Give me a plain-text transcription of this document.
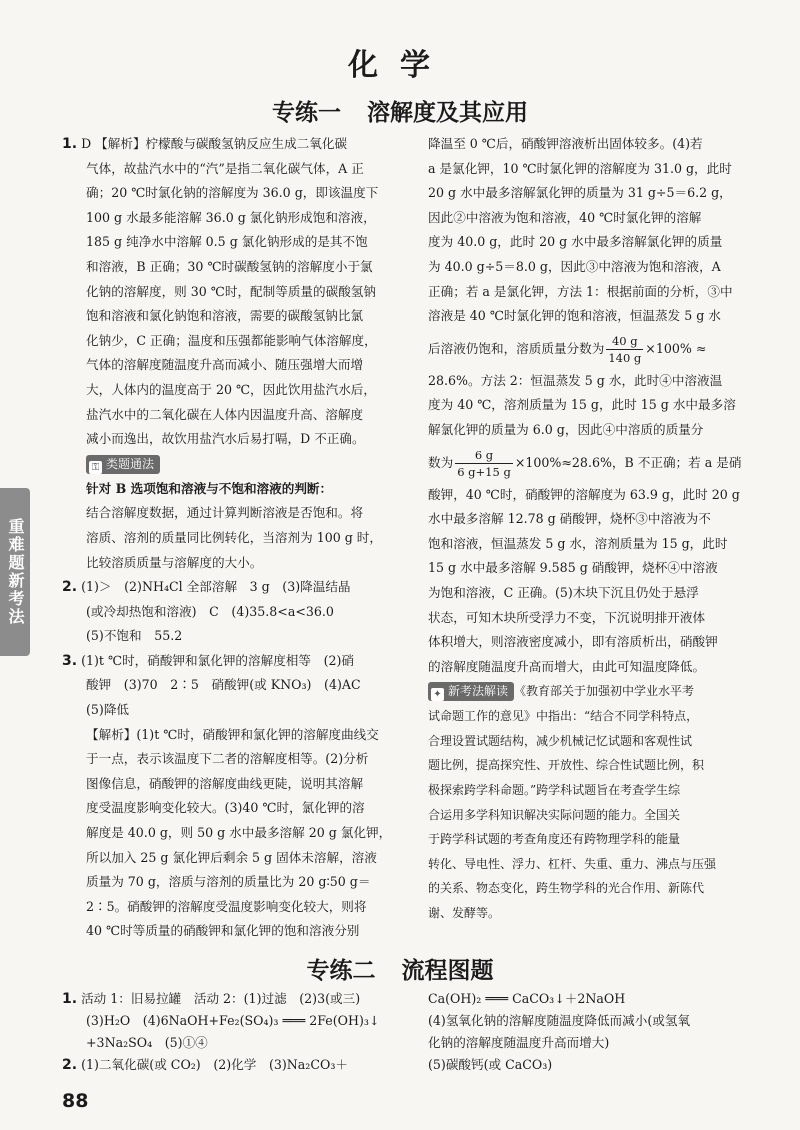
化学
专练一 溶解度及其应用
重难题新考法

1. D 【解析】柠檬酸与碳酸氢钠反应生成二氧化碳

气体，故盐汽水中的“汽”是指二氧化碳气体，A 正

确；20 ℃时氯化钠的溶解度为 36.0 g，即该温度下

100 g 水最多能溶解 36.0 g 氯化钠形成饱和溶液，

185 g 纯净水中溶解 0.5 g 氯化钠形成的是其不饱

和溶液，B 正确；30 ℃时碳酸氢钠的溶解度小于氯

化钠的溶解度，则 30 ℃时，配制等质量的碳酸氢钠

饱和溶液和氯化钠饱和溶液，需要的碳酸氢钠比氯

化钠少，C 正确；温度和压强都能影响气体溶解度，

气体的溶解度随温度升高而减小、随压强增大而增

大，人体内的温度高于 20 ℃，因此饮用盐汽水后，

盐汽水中的二氧化碳在人体内因温度升高、溶解度

减小而逸出，故饮用盐汽水后易打嗝，D 不正确。

⚿ 类题通法

针对 B 选项饱和溶液与不饱和溶液的判断：

结合溶解度数据，通过计算判断溶液是否饱和。将

溶质、溶剂的质量同比例转化，当溶剂为 100 g 时，

比较溶质质量与溶解度的大小。

2. (1)＞　(2)NH₄Cl 全部溶解　3 g　(3)降温结晶

(或冷却热饱和溶液)　C　(4)35.8<a<36.0

(5)不饱和　55.2

3. (1)t ℃时，硝酸钾和氯化钾的溶解度相等　(2)硝

酸钾　(3)70　2∶5　硝酸钾(或 KNO₃)　(4)AC

(5)降低

【解析】(1)t ℃时，硝酸钾和氯化钾的溶解度曲线交

于一点，表示该温度下二者的溶解度相等。(2)分析

图像信息，硝酸钾的溶解度曲线更陡，说明其溶解

度受温度影响变化较大。(3)40 ℃时，氯化钾的溶

解度是 40.0 g，则 50 g 水中最多溶解 20 g 氯化钾，

所以加入 25 g 氯化钾后剩余 5 g 固体未溶解，溶液

质量为 70 g，溶质与溶剂的质量比为 20 g∶50 g＝

2∶5。硝酸钾的溶解度受温度影响变化较大，则将

40 ℃时等质量的硝酸钾和氯化钾的饱和溶液分别

降温至 0 ℃后，硝酸钾溶液析出固体较多。(4)若

a 是氯化钾，10 ℃时氯化钾的溶解度为 31.0 g，此时

20 g 水中最多溶解氯化钾的质量为 31 g÷5＝6.2 g，

因此②中溶液为饱和溶液，40 ℃时氯化钾的溶解

度为 40.0 g，此时 20 g 水中最多溶解氯化钾的质量

为 40.0 g÷5＝8.0 g，因此③中溶液为饱和溶液，A

正确；若 a 是氯化钾，方法 1：根据前面的分析，③中

溶液是 40 ℃时氯化钾的饱和溶液，恒温蒸发 5 g 水

后溶液仍饱和，溶质质量分数为 $\frac{40 g}{140 g} \times 100\%$ ≈

28.6%。方法 2：恒温蒸发 5 g 水，此时④中溶液温

度为 40 ℃，溶剂质量为 15 g，此时 15 g 水中最多溶

解氯化钾的质量为 6.0 g，因此④中溶质的质量分

数为 $\frac{6 g}{6 g+15 g} \times 100\%\approx 28.6\%$，B 不正确；若 a 是硝

酸钾，40 ℃时，硝酸钾的溶解度为 63.9 g，此时 20 g

水中最多溶解 12.78 g 硝酸钾，烧杯③中溶液为不

饱和溶液，恒温蒸发 5 g 水，溶剂质量为 15 g，此时

15 g 水中最多溶解 9.585 g 硝酸钾，烧杯④中溶液

为饱和溶液，C 正确。(5)木块下沉且仍处于悬浮

状态，可知木块所受浮力不变，下沉说明排开液体

体积增大，则溶液密度减小，即有溶质析出，硝酸钾

的溶解度随温度升高而增大，由此可知温度降低。

✦ 新考法解读 《教育部关于加强初中学业水平考

试命题工作的意见》中指出：“结合不同学科特点，

合理设置试题结构，减少机械记忆试题和客观性试

题比例，提高探究性、开放性、综合性试题比例，积

极探索跨学科命题。”跨学科试题旨在考查学生综

合运用多学科知识解决实际问题的能力。全国关

于跨学科试题的考查角度还有跨物理学科的能量

转化、导电性、浮力、杠杆、失重、重力、沸点与压强

的关系、物态变化，跨生物学科的光合作用、新陈代

谢、发酵等。

专练二 流程图题

1. 活动 1：旧易拉罐　活动 2：(1)过滤　(2)3(或三)

(3)H₂O　(4)6NaOH+Fe₂(SO₄)₃ ═══ 2Fe(OH)₃↓

+3Na₂SO₄　(5)①④

2. (1)二氧化碳(或 CO₂)　(2)化学　(3)Na₂CO₃＋

Ca(OH)₂ ═══ CaCO₃↓＋2NaOH

(4)氢氧化钠的溶解度随温度降低而减小(或氢氧

化钠的溶解度随温度升高而增大)

(5)碳酸钙(或 CaCO₃)

88
